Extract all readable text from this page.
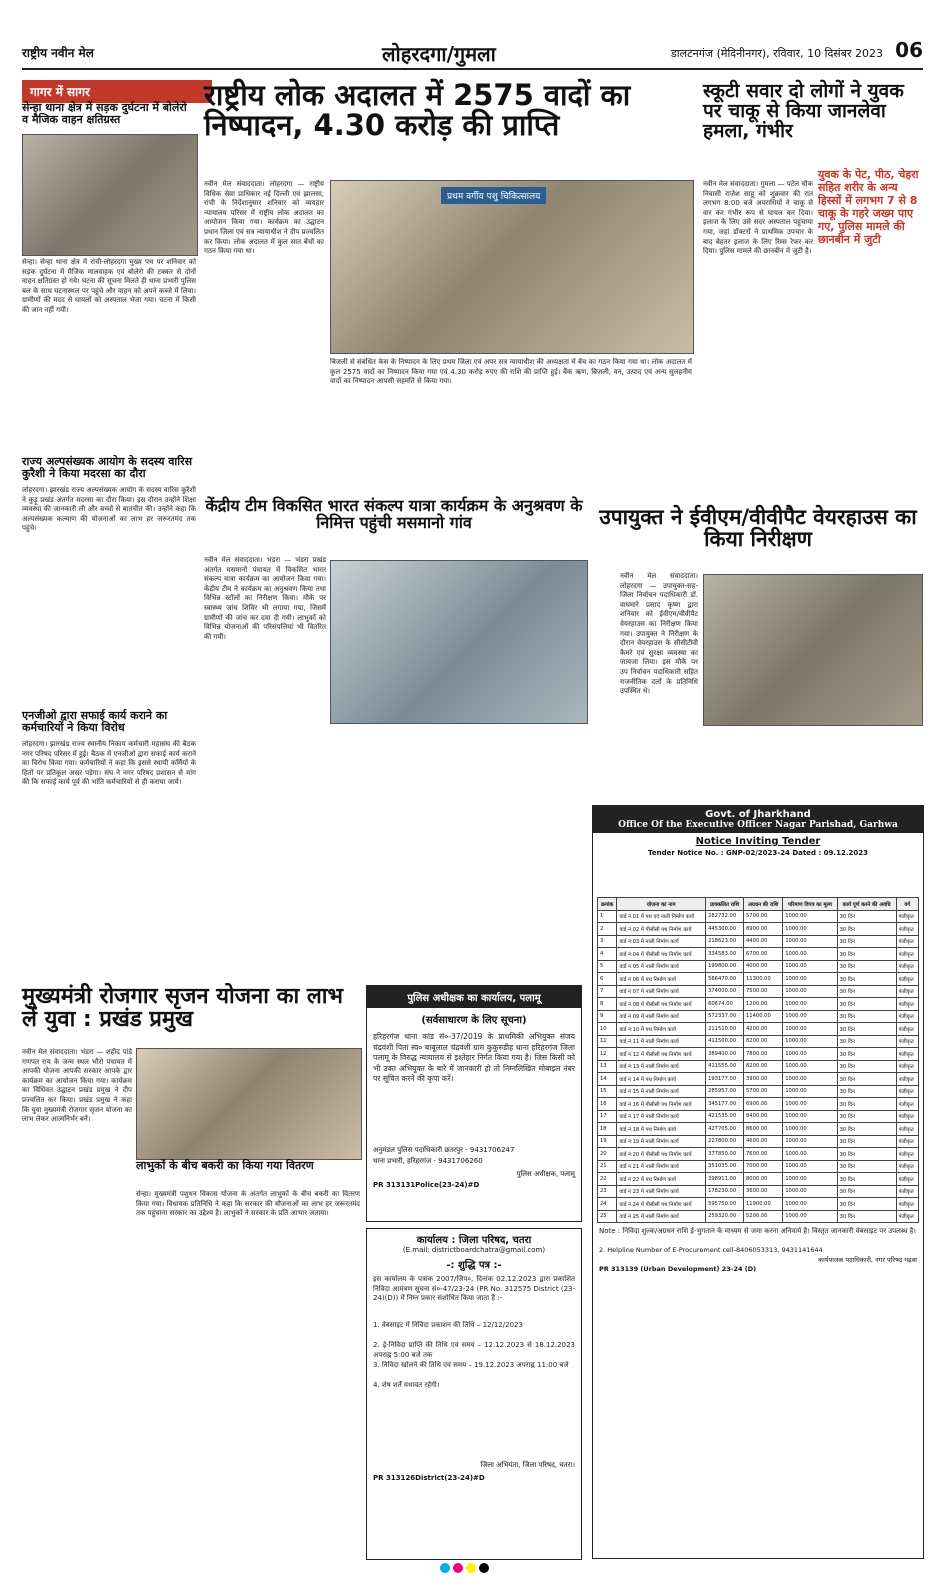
राष्ट्रीय नवीन मेल	लोहरदगा/गुमला	डालटनगंज (मेदिनीनगर), रविवार, 10 दिसंबर 2023 06
गागर में सागर
सेन्हा थाना क्षेत्र में सड़क दुर्घटना में बोलेरो व मैजिक वाहन क्षतिग्रस्त
सेन्हा। सेन्हा थाना क्षेत्र में रांची-लोहरदगा मुख्य पथ पर शनिवार को सड़क दुर्घटना में मैजिक मालवाहक एवं बोलेरो की टक्कर से दोनों वाहन क्षतिग्रस्त हो गये। घटना की सूचना मिलते ही थाना प्रभारी पुलिस बल के साथ घटनास्थल पर पहुंचे और वाहन को अपने कब्जे में लिया। ग्रामीणों की मदद से घायलों को अस्पताल भेजा गया। घटना में किसी की जान नहीं गयी।
राज्य अल्पसंख्यक आयोग के सदस्य वारिस कुरैशी ने किया मदरसा का दौरा
लोहरदगा। झारखंड राज्य अल्पसंख्यक आयोग के सदस्य वारिस कुरैशी ने कुड़ू प्रखंड अंतर्गत मदरसा का दौरा किया। इस दौरान उन्होंने शिक्षा व्यवस्था की जानकारी ली और बच्चों से बातचीत की। उन्होंने कहा कि अल्पसंख्यक कल्याण की योजनाओं का लाभ हर जरूरतमंद तक पहुंचे।
एनजीओ द्वारा सफाई कार्य कराने का कर्मचारियों ने किया विरोध
लोहरदगा। झारखंड राज्य स्थानीय निकाय कर्मचारी महासंघ की बैठक नगर परिषद परिसर में हुई। बैठक में एनजीओ द्वारा सफाई कार्य कराने का विरोध किया गया। कर्मचारियों ने कहा कि इससे स्थायी कर्मियों के हितों पर प्रतिकूल असर पड़ेगा। संघ ने नगर परिषद प्रशासन से मांग की कि सफाई कार्य पूर्व की भांति कर्मचारियों से ही कराया जाये।
राष्ट्रीय लोक अदालत में 2575 वादों का निष्पादन, 4.30 करोड़ की प्राप्ति
नवीन मेल संवाददाता। लोहरदगा — राष्ट्रीय विधिक सेवा प्राधिकार नई दिल्ली एवं झालसा, रांची के निर्देशानुसार शनिवार को व्यवहार न्यायालय परिसर में राष्ट्रीय लोक अदालत का आयोजन किया गया। कार्यक्रम का उद्घाटन प्रधान जिला एवं सत्र न्यायाधीश ने दीप प्रज्वलित कर किया। लोक अदालत में कुल सात बेंचों का गठन किया गया था।
प्रथम वर्गीय पशु चिकित्सालय
बिजली से संबंधित केस के निष्पादन के लिए प्रथम जिला एवं अपर सत्र न्यायाधीश की अध्यक्षता में बेंच का गठन किया गया था। लोक अदालत में कुल 2575 वादों का निष्पादन किया गया एवं 4.30 करोड़ रुपए की राशि की प्राप्ति हुई। बैंक ऋण, बिजली, वन, उत्पाद एवं अन्य सुलहनीय वादों का निष्पादन आपसी सहमति से किया गया।
स्कूटी सवार दो लोगों ने युवक पर चाकू से किया जानलेवा हमला, गंभीर
नवीन मेल संवाददाता। गुमला — पटेल चौक निवासी राजेश साहू को शुक्रवार की रात लगभग 8:00 बजे अपराधियों ने चाकू से वार कर गंभीर रूप से घायल कर दिया। इलाज के लिए उसे सदर अस्पताल पहुंचाया गया, जहां डॉक्टरों ने प्राथमिक उपचार के बाद बेहतर इलाज के लिए रिम्स रेफर कर दिया। पुलिस मामले की छानबीन में जुटी है।
युवक के पेट, पीठ, चेहरा सहित शरीर के अन्य हिस्सों में लगभग 7 से 8 चाकू के गहरे जख्म पाए गए, पुलिस मामले की छानबीन में जुटी
केंद्रीय टीम विकसित भारत संकल्प यात्रा कार्यक्रम के अनुश्रवण के निमित्त पहुंची मसमानो गांव
नवीन मेल संवाददाता। भंडरा — भंडरा प्रखंड अंतर्गत मसमानो पंचायत में विकसित भारत संकल्प यात्रा कार्यक्रम का आयोजन किया गया। केंद्रीय टीम ने कार्यक्रम का अनुश्रवण किया तथा विभिन्न स्टॉलों का निरीक्षण किया। मौके पर स्वास्थ्य जांच शिविर भी लगाया गया, जिसमें ग्रामीणों की जांच कर दवा दी गयी। लाभुकों को विभिन्न योजनाओं की परिसंपत्तियां भी वितरित की गयीं।
उपायुक्त ने ईवीएम/वीवीपैट वेयरहाउस का किया निरीक्षण
नवीन मेल संवाददाता। लोहरदगा — उपायुक्त-सह-जिला निर्वाचन पदाधिकारी डॉ. वाघमारे प्रसाद कृष्ण द्वारा शनिवार को ईवीएम/वीवीपैट वेयरहाउस का निरीक्षण किया गया। उपायुक्त ने निरीक्षण के दौरान वेयरहाउस के सीसीटीवी कैमरे एवं सुरक्षा व्यवस्था का जायजा लिया। इस मौके पर उप निर्वाचन पदाधिकारी सहित राजनीतिक दलों के प्रतिनिधि उपस्थित थे।
मुख्यमंत्री रोजगार सृजन योजना का लाभ लें युवा : प्रखंड प्रमुख
नवीन मेल संवाददाता। भंडरा — शहीद पांडे गणपत राय के जन्म स्थल भौरो पंचायत में आपकी योजना आपकी सरकार आपके द्वार कार्यक्रम का आयोजन किया गया। कार्यक्रम का विधिवत उद्घाटन प्रखंड प्रमुख ने दीप प्रज्वलित कर किया। प्रखंड प्रमुख ने कहा कि युवा मुख्यमंत्री रोजगार सृजन योजना का लाभ लेकर आत्मनिर्भर बनें।
लाभुकों के बीच बकरी का किया गया वितरण
सेन्हा। मुख्यमंत्री पशुधन विकास योजना के अंतर्गत लाभुकों के बीच बकरी का वितरण किया गया। विधायक प्रतिनिधि ने कहा कि सरकार की योजनाओं का लाभ हर जरूरतमंद तक पहुंचाना सरकार का उद्देश्य है। लाभुकों ने सरकार के प्रति आभार जताया।
पुलिस अधीक्षक का कार्यालय, पलामू
(सर्वसाधारण के लिए सूचना)
हरिहरगंज थाना कांड सं०-37/2019 के प्राथमिकी अभियुक्त संजय चंद्रवंशी पिता स्व० बाबूलाल चंद्रवंशी ग्राम कुकुरुडीह थाना हरिहरगंज जिला पलामू के विरुद्ध न्यायालय से इश्तेहार निर्गत किया गया है। जिस किसी को भी उक्त अभियुक्त के बारे में जानकारी हो तो निम्नलिखित मोबाइल नंबर पर सूचित करने की कृपा करें।
अनुमंडल पुलिस पदाधिकारी छतरपुर - 9431706247
थाना प्रभारी, हरिहरगंज - 9431706260
पुलिस अधीक्षक, पलामू
PR 313131Police(23-24)#D
कार्यालय : जिला परिषद, चतरा
(E.mail: districtboardchatra@gmail.com)
-: शुद्धि पत्र :-
इस कार्यालय के पत्रांक 2007/जिप०, दिनांक 02.12.2023 द्वारा प्रकाशित निविदा आमंत्रण सूचना सं०-47/23-24 (PR No. 312575 District (23-24)(D)) में निम्न प्रकार संशोधित किया जाता है :-
1. वेबसाइट में निविदा प्रकाशन की तिथि – 12/12/2023
2. ई-निविदा प्राप्ति की तिथि एवं समय – 12.12.2023 से 18.12.2023 अपराह्न 5:00 बजे तक
3. निविदा खोलने की तिथि एवं समय – 19.12.2023 अपराह्न 11:00 बजे
4. शेष शर्तें यथावत रहेंगी।
जिला अभियंता, जिला परिषद, चतरा।
PR 313126District(23-24)#D
Govt. of Jharkhand
Office Of the Executive Officer Nagar Parishad, Garhwa
Notice Inviting Tender
Tender Notice No. : GNP-02/2023-24 Dated : 09.12.2023
क्रमांक	योजना का नाम	प्राक्कलित राशि	अग्रधन की राशि	परिमाण विपत्र का मूल्य	कार्य पूर्ण करने की अवधि	वर्ग
1	वार्ड नं 01 में पथ एवं नाली निर्माण कार्य	282732.00	5700.00	1000.00	30 दिन	पंजीकृत
2	वार्ड नं 02 में पीसीसी पथ निर्माण कार्य	445300.00	8900.00	1000.00	30 दिन	पंजीकृत
3	वार्ड नं 03 में नाली निर्माण कार्य	218623.00	4400.00	1000.00	30 दिन	पंजीकृत
4	वार्ड नं 04 में पीसीसी पथ निर्माण कार्य	334583.00	6700.00	1000.00	30 दिन	पंजीकृत
5	वार्ड नं 05 में नाली निर्माण कार्य	199800.00	4000.00	1000.00	30 दिन	पंजीकृत
6	वार्ड नं 06 में पथ निर्माण कार्य	566470.00	11300.00	1000.00	30 दिन	पंजीकृत
7	वार्ड नं 07 में नाली निर्माण कार्य	374000.00	7500.00	1000.00	30 दिन	पंजीकृत
8	वार्ड नं 08 में पीसीसी पथ निर्माण कार्य	60674.00	1200.00	1000.00	30 दिन	पंजीकृत
9	वार्ड नं 09 में नाली निर्माण कार्य	572337.00	11400.00	1000.00	30 दिन	पंजीकृत
10	वार्ड नं 10 में पथ निर्माण कार्य	211510.00	4200.00	1000.00	30 दिन	पंजीकृत
11	वार्ड नं 11 में नाली निर्माण कार्य	411500.00	8200.00	1000.00	30 दिन	पंजीकृत
12	वार्ड नं 12 में पीसीसी पथ निर्माण कार्य	389400.00	7800.00	1000.00	30 दिन	पंजीकृत
13	वार्ड नं 13 में नाली निर्माण कार्य	411555.00	8200.00	1000.00	30 दिन	पंजीकृत
14	वार्ड नं 14 में पथ निर्माण कार्य	193177.00	3900.00	1000.00	30 दिन	पंजीकृत
15	वार्ड नं 15 में नाली निर्माण कार्य	285957.00	5700.00	1000.00	30 दिन	पंजीकृत
16	वार्ड नं 16 में पीसीसी पथ निर्माण कार्य	345177.00	6900.00	1000.00	30 दिन	पंजीकृत
17	वार्ड नं 17 में नाली निर्माण कार्य	421535.00	8400.00	1000.00	30 दिन	पंजीकृत
18	वार्ड नं 18 में पथ निर्माण कार्य	427705.00	8600.00	1000.00	30 दिन	पंजीकृत
19	वार्ड नं 19 में नाली निर्माण कार्य	227800.00	4600.00	1000.00	30 दिन	पंजीकृत
20	वार्ड नं 20 में पीसीसी पथ निर्माण कार्य	377850.00	7600.00	1000.00	30 दिन	पंजीकृत
21	वार्ड नं 21 में नाली निर्माण कार्य	351035.00	7000.00	1000.00	30 दिन	पंजीकृत
22	वार्ड नं 22 में पथ निर्माण कार्य	398911.00	8000.00	1000.00	30 दिन	पंजीकृत
23	वार्ड नं 23 में नाली निर्माण कार्य	178230.00	3600.00	1000.00	30 दिन	पंजीकृत
24	वार्ड नं 24 में पीसीसी पथ निर्माण कार्य	595750.00	11900.00	1000.00	30 दिन	पंजीकृत
25	वार्ड नं 25 में नाली निर्माण कार्य	259320.00	5200.00	1000.00	30 दिन	पंजीकृत
Note : निविदा शुल्क/अग्रधन राशि ई-भुगतान के माध्यम से जमा करना अनिवार्य है। विस्तृत जानकारी वेबसाइट पर उपलब्ध है।
2. Helpline Number of E-Procurement cell-8406053313, 9431141644
कार्यपालक पदाधिकारी, नगर परिषद गढ़वा
PR 313139 (Urban Development) 23-24 (D)
